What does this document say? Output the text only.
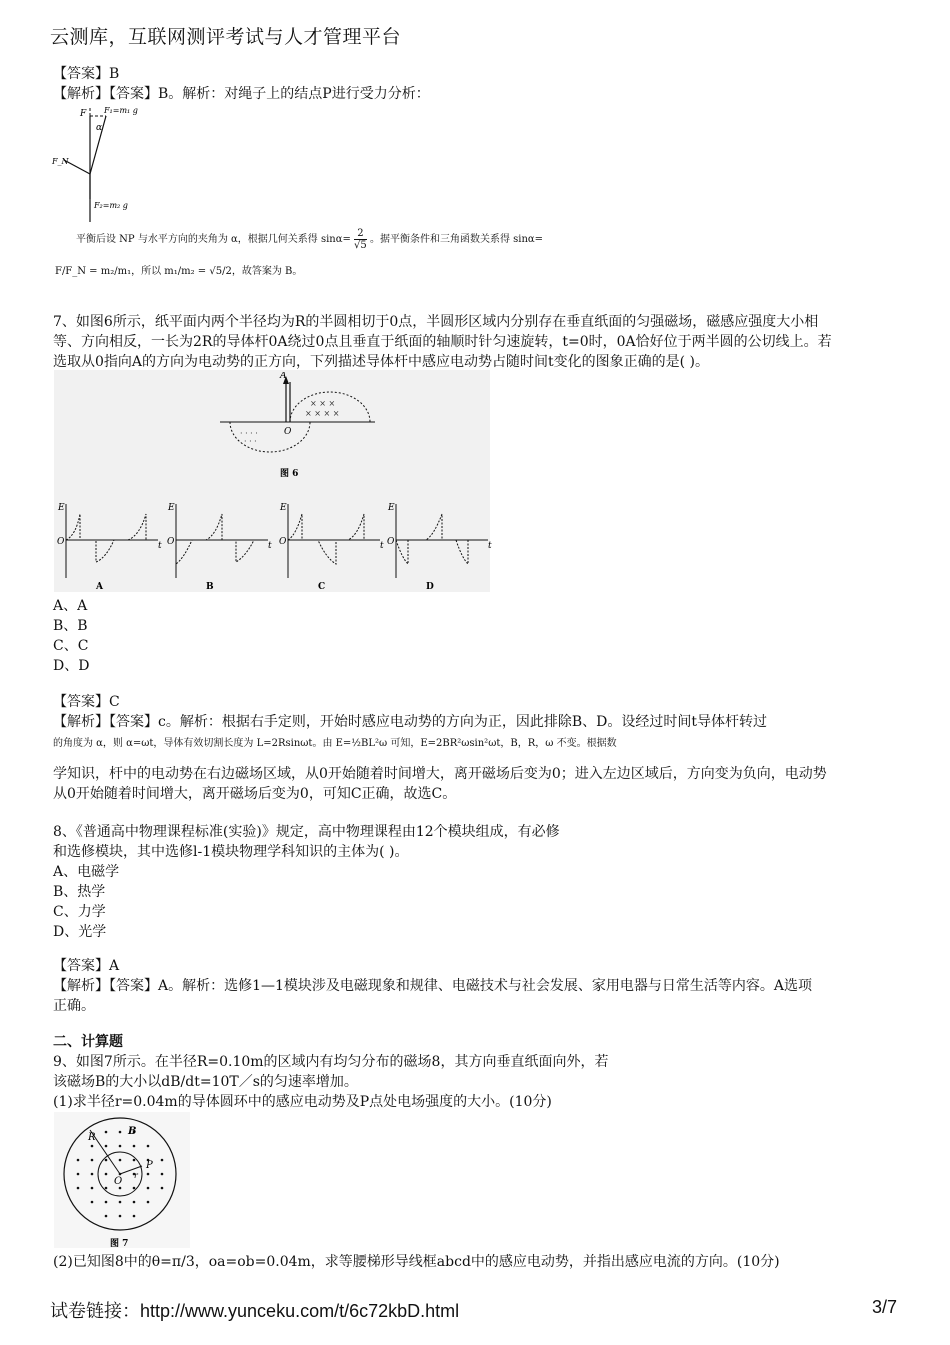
云测库，互联网测评考试与人才管理平台
【答案】B
【解析】【答案】B。解析：对绳子上的结点P进行受力分析：
F F₁=m₁ g
α
F_N
F₂=m₂ g
平衡后设 NP 与水平方向的夹角为 α，根据几何关系得 $\sin\alpha= \frac{2}{√5}$ 。据平衡条件和三角函数关系得 sinα=
F/F_N = m₂/m₁，所以 m₁/m₂ = √5/2，故答案为 B。
7、如图6所示，纸平面内两个半径均为R的半圆相切于0点，半圆形区域内分别存在垂直纸面的匀强磁场，磁感应强度大小相
等、方向相反，一长为2R的导体杆0A绕过0点且垂直于纸面的轴顺时针匀速旋转，t=0时，0A恰好位于两半圆的公切线上。若
选取从0指向A的方向为电动势的正方向，下列描述导体杆中感应电动势占随时间t变化的图象正确的是( )。
A
O
× × ×
× × × ×
· · · ·
· · ·
图 6
E
O	t
A
E
O	t
B
E
O	t
C
E
O	t
D
A、A
B、B
C、C
D、D
【答案】C
【解析】【答案】c。解析：根据右手定则，开始时感应电动势的方向为正，因此排除B、D。设经过时间t导体杆转过
的角度为 α，则 α=ωt，导体有效切割长度为 L=2Rsinωt。由 E=½BL²ω 可知，E=2BR²ωsin²ωt，B，R，ω 不变。根据数
学知识，杆中的电动势在右边磁场区域，从0开始随着时间增大，离开磁场后变为0；进入左边区域后，方向变为负向，电动势
从0开始随着时间增大，离开磁场后变为0，可知C正确，故选C。
8、《普通高中物理课程标准(实验)》规定，高中物理课程由12个模块组成，有必修
和选修模块，其中选修l-1模块物理学科知识的主体为( )。
A、电磁学
B、热学
C、力学
D、光学
【答案】A
【解析】【答案】A。解析：选修1—1模块涉及电磁现象和规律、电磁技术与社会发展、家用电器与日常生活等内容。A选项
正确。
二、计算题
9、如图7所示。在半径R=0.10m的区域内有均匀分布的磁场8，其方向垂直纸面向外，若
该磁场B的大小以dB/dt=10T／s的匀速率增加。
(1)求半径r=0.04m的导体圆环中的感应电动势及P点处电场强度的大小。(10分)
R
B
P
O
r
图 7
(2)已知图8中的θ=π/3，oa=ob=0.04m，求等腰梯形导线框abcd中的感应电动势，并指出感应电流的方向。(10分)
试卷链接：http://www.yunceku.com/t/6c72kbD.html	3/7
